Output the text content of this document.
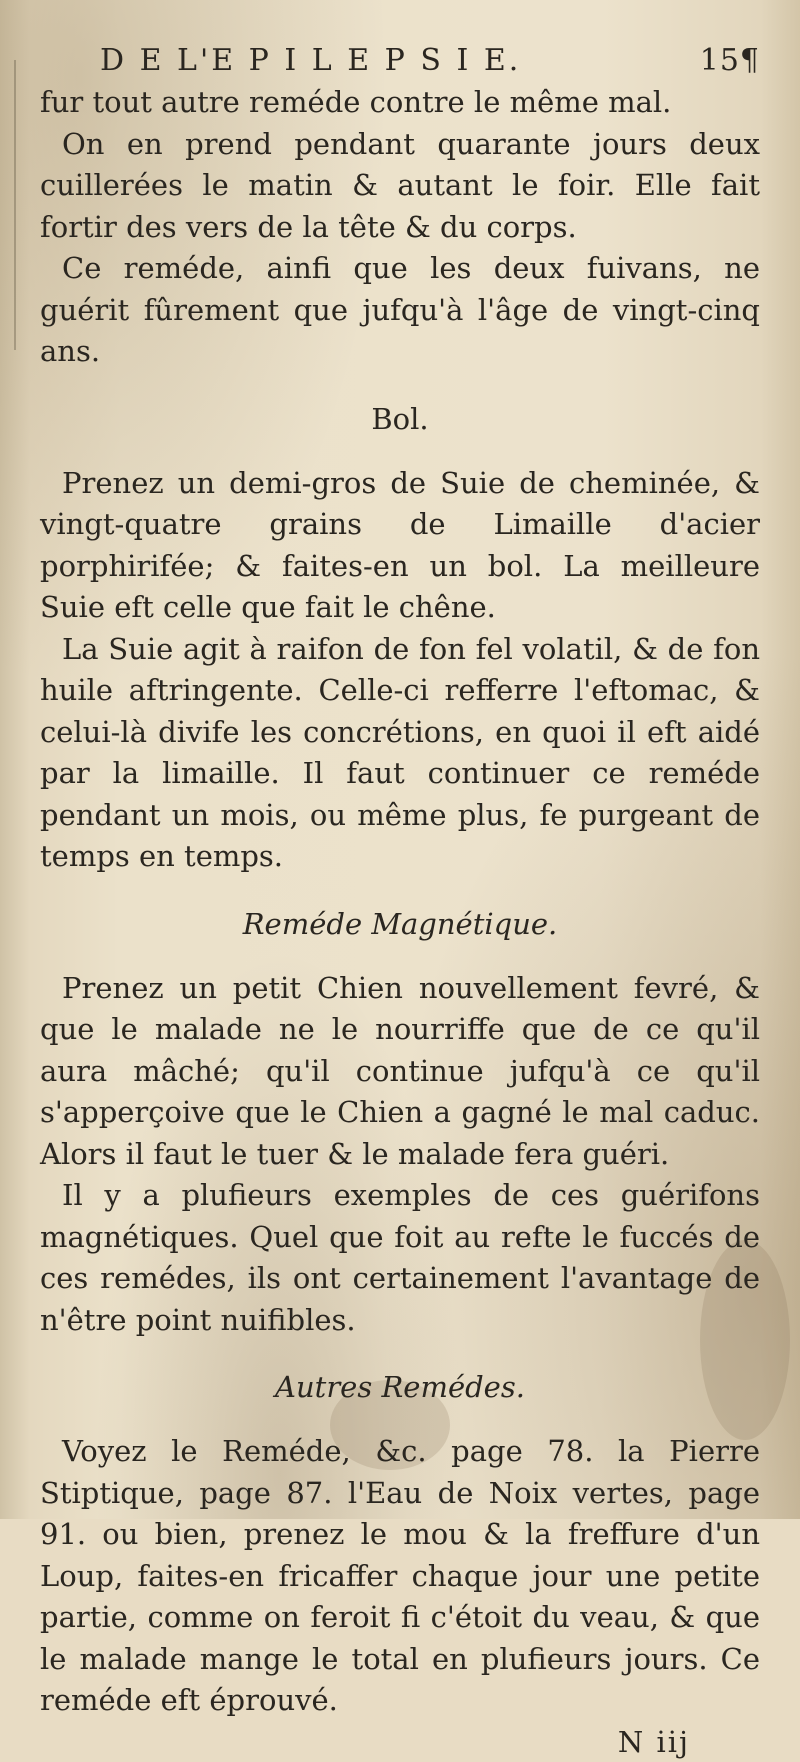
D E L'E P I L E P S I E.	15¶

fur tout autre reméde contre le même mal.

On en prend pendant quarante jours deux cuillerées le matin & autant le foir. Elle fait fortir des vers de la tête & du corps.

Ce reméde, ainfi que les deux fuivans, ne guérit fûrement que jufqu'à l'âge de vingt-cinq ans.

Bol.

Prenez un demi-gros de Suie de cheminée, & vingt-quatre grains de Limaille d'acier porphirifée; & faites-en un bol. La meilleure Suie eft celle que fait le chêne.

La Suie agit à raifon de fon fel volatil, & de fon huile aftringente. Celle-ci refferre l'eftomac, & celui-là divife les concrétions, en quoi il eft aidé par la limaille. Il faut continuer ce reméde pendant un mois, ou même plus, fe purgeant de temps en temps.

Reméde Magnétique.

Prenez un petit Chien nouvellement fevré, & que le malade ne le nourriffe que de ce qu'il aura mâché; qu'il continue jufqu'à ce qu'il s'apperçoive que le Chien a gagné le mal caduc. Alors il faut le tuer & le malade fera guéri.

Il y a plufieurs exemples de ces guérifons magnétiques. Quel que foit au refte le fuccés de ces remédes, ils ont certainement l'avantage de n'être point nuifibles.

Autres Remédes.

Voyez le Reméde, &c. page 78. la Pierre Stiptique, page 87. l'Eau de Noix vertes, page 91. ou bien, prenez le mou & la freffure d'un Loup, faites-en fricaffer chaque jour une petite partie, comme on feroit fi c'étoit du veau, & que le malade mange le total en plufieurs jours. Ce reméde eft éprouvé.

N iij
